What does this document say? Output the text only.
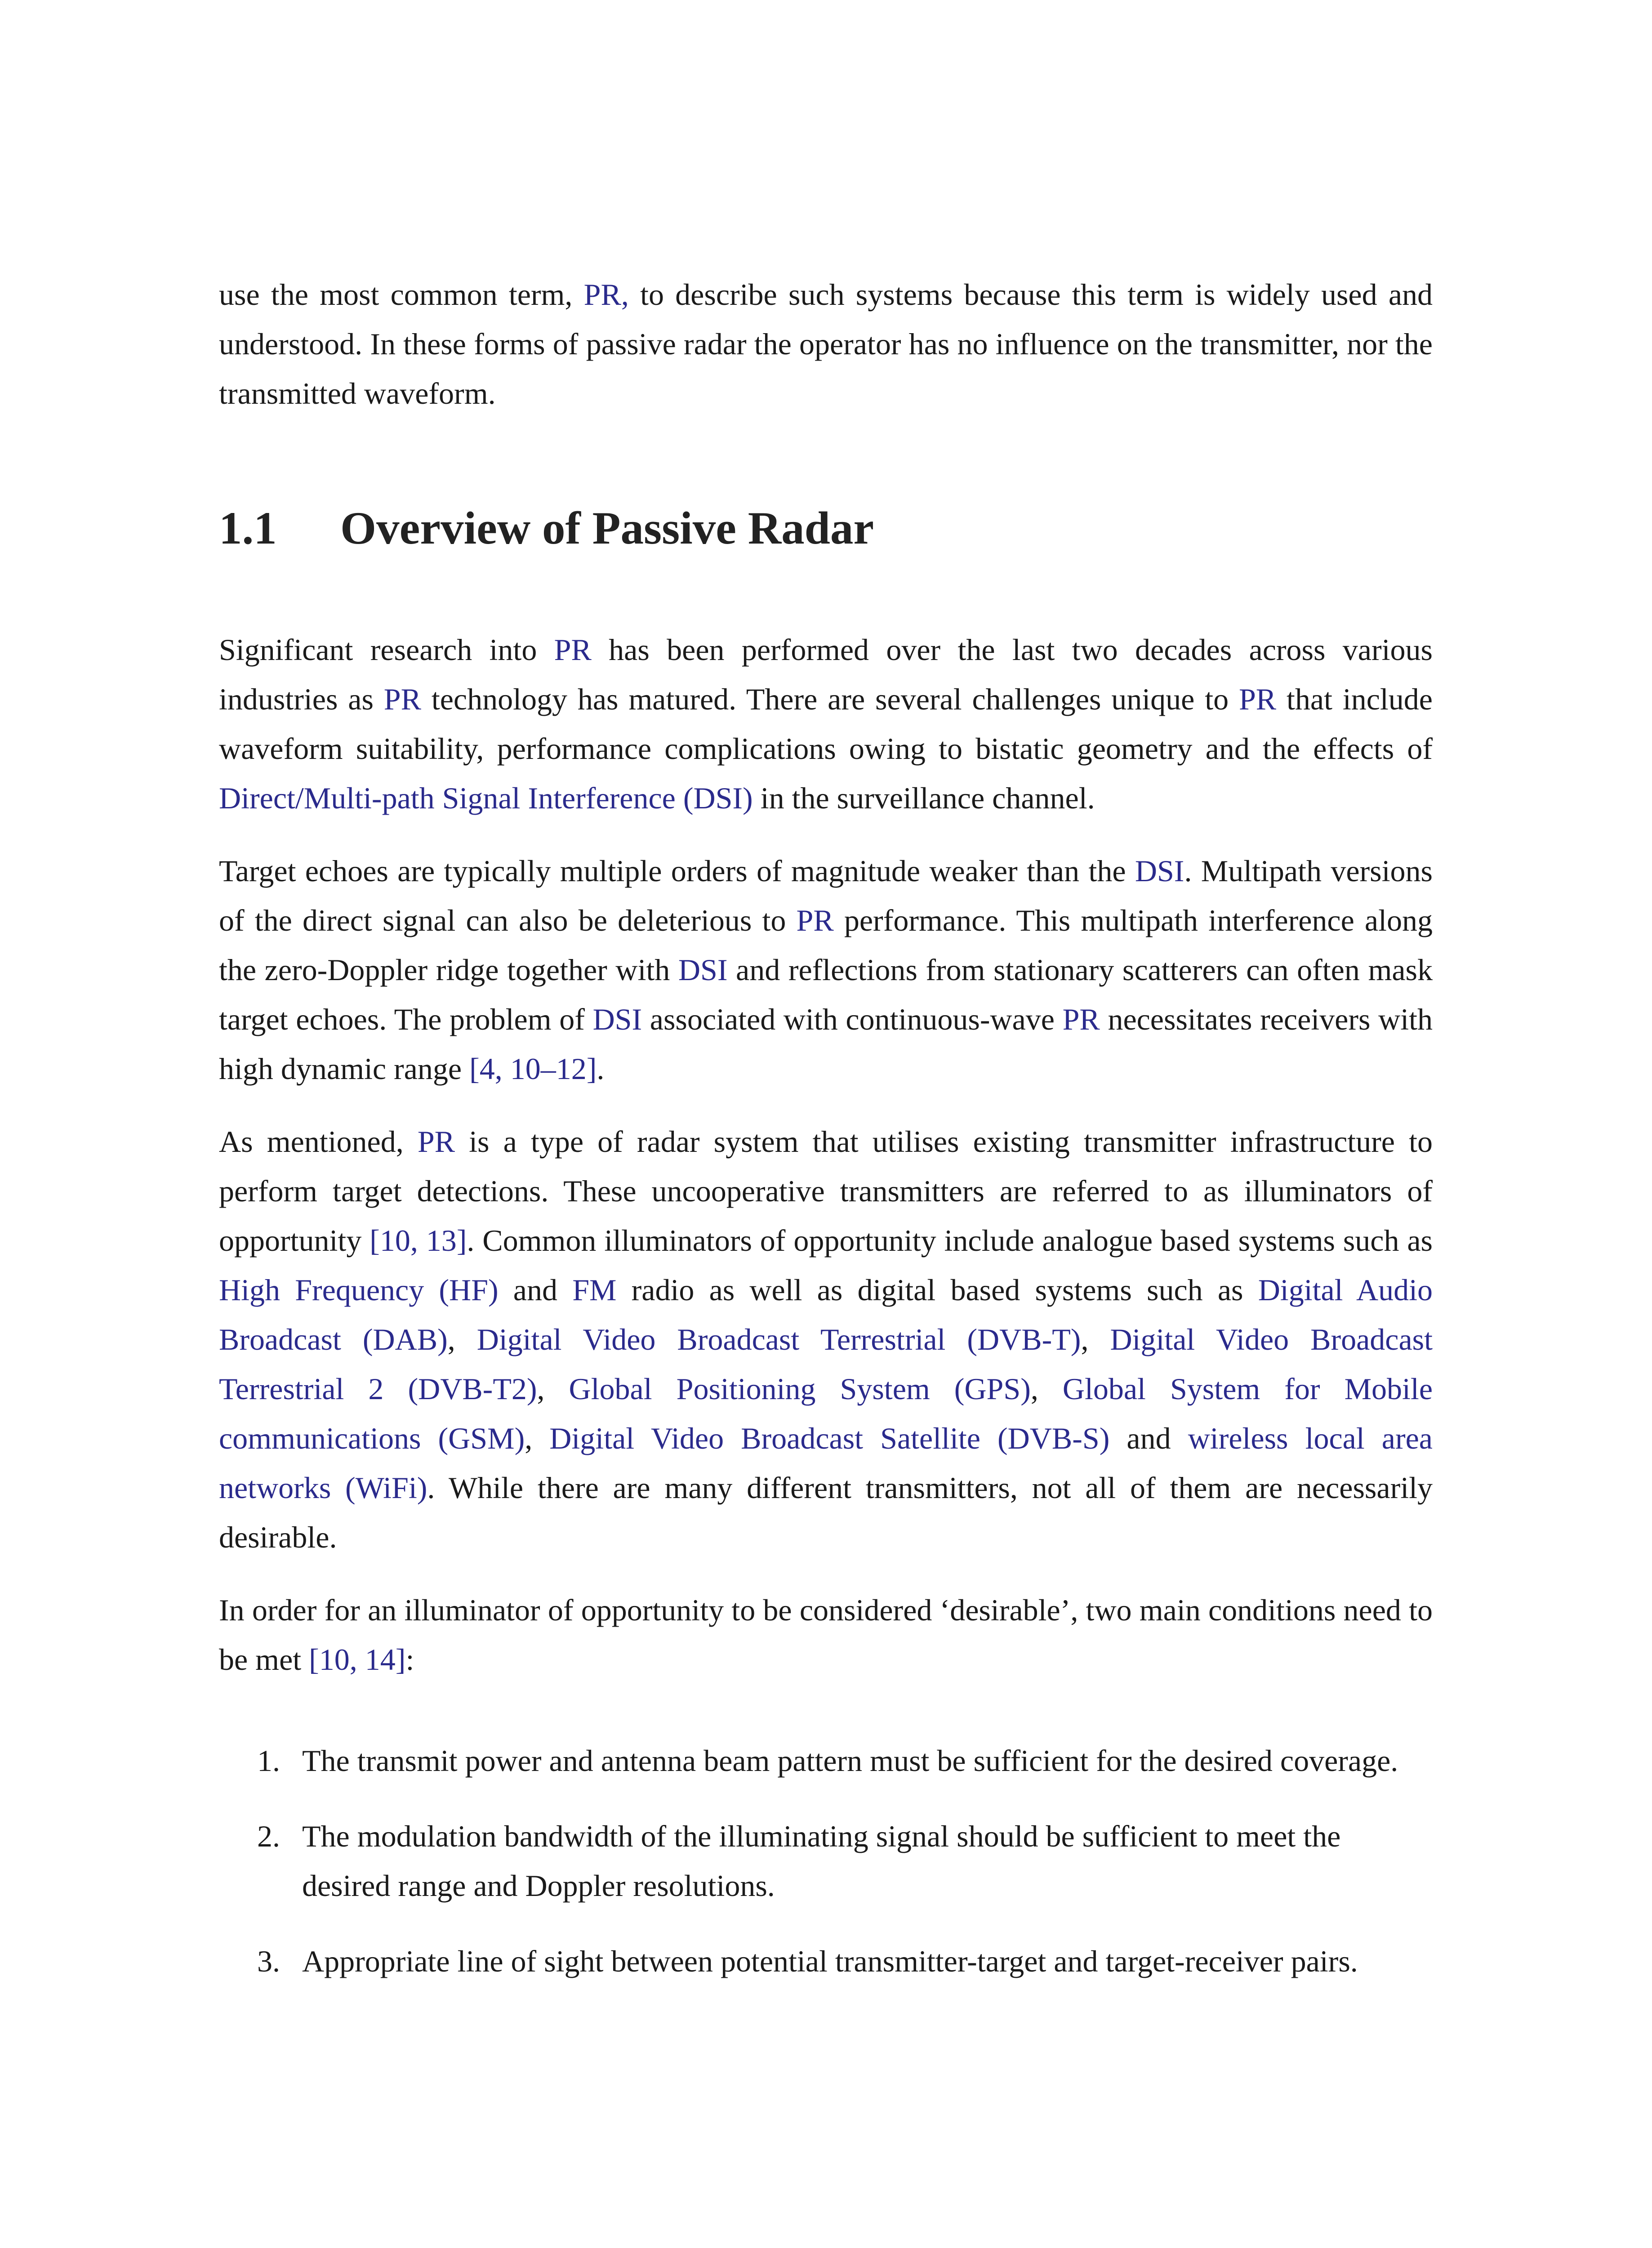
use the most common term, PR, to describe such systems because this term is widely used and understood. In these forms of passive radar the operator has no influence on the transmitter, nor the transmitted waveform.

1.1 Overview of Passive Radar

Significant research into PR has been performed over the last two decades across various industries as PR technology has matured. There are several challenges unique to PR that include waveform suitability, performance complications owing to bistatic geometry and the effects of Direct/Multi-path Signal Interference (DSI) in the surveillance channel.

Target echoes are typically multiple orders of magnitude weaker than the DSI. Multipath versions of the direct signal can also be deleterious to PR performance. This multipath interference along the zero-Doppler ridge together with DSI and reflections from stationary scatterers can often mask target echoes. The problem of DSI associated with continuous-wave PR necessitates receivers with high dynamic range [4, 10–12].

As mentioned, PR is a type of radar system that utilises existing transmitter infrastructure to perform target detections. These uncooperative transmitters are referred to as illuminators of opportunity [10, 13]. Common illuminators of opportunity include analogue based systems such as High Frequency (HF) and FM radio as well as digital based systems such as Digital Audio Broadcast (DAB), Digital Video Broadcast Terrestrial (DVB-T), Digital Video Broadcast Terrestrial 2 (DVB-T2), Global Positioning System (GPS), Global System for Mobile communications (GSM), Digital Video Broadcast Satellite (DVB-S) and wireless local area networks (WiFi). While there are many different transmitters, not all of them are necessarily desirable.

In order for an illuminator of opportunity to be considered ‘desirable’, two main conditions need to be met [10, 14]:

1. The transmit power and antenna beam pattern must be sufficient for the desired coverage.

2. The modulation bandwidth of the illuminating signal should be sufficient to meet the desired range and Doppler resolutions.

3. Appropriate line of sight between potential transmitter-target and target-receiver pairs.
